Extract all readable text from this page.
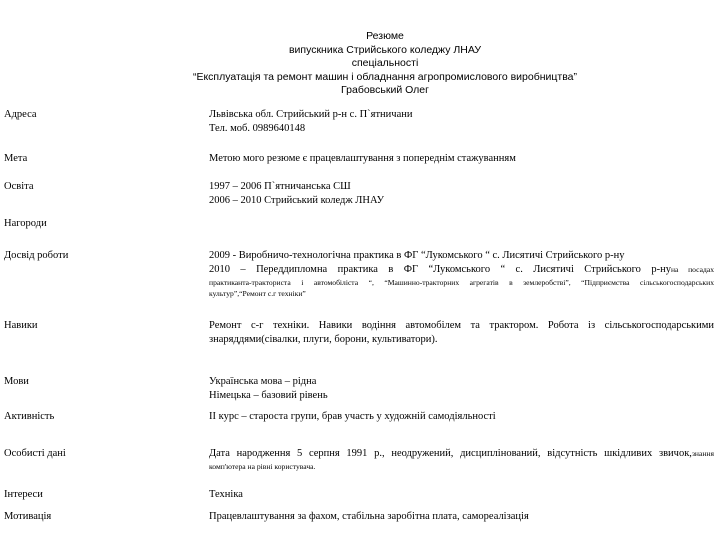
Резюме
випускника Стрийського коледжу ЛНАУ
спеціальності
“Експлуатація та ремонт машин і обладнання агропромислового виробництва”
Грабовський Олег
Адреса	Львівська обл. Стрийський р-н с. П`ятничани
Тел. моб. 0989640148
Мета	Метою мого резюме є працевлаштування з попереднім стажуванням
Освіта	1997 – 2006 П`ятничанська СШ
2006 – 2010 Стрийський коледж ЛНАУ
Нагороди
Досвід роботи	2009 - Виробничо-технологічна практика в ФГ “Лукомського “ с. Лисятичі Стрийського р-ну
2010 – Переддипломна практика в ФГ “Лукомського “ с. Лисятичі Стрийського р-нуна посадах
практиканта-тракториста і автомобіліста “, “Машинно-тракторних агрегатів в землеробстві”, “Підприємства сільськогосподарських
культур”,“Ремонт с.г техніки”
Навики	Ремонт с-г техніки. Навики водіння автомобілем та трактором. Робота із сільськогосподарськими
знаряддями(сівалки, плуги, борони, культиватори).
Мови	Українська мова – рідна
Німецька – базовий рівень
Активність	ІІ курс – староста групи, брав участь у художній самодіяльності
Особисті дані	Дата народження 5 серпня 1991 р., неодружений, дисциплінований, відсутність шкідливих звичок,знання
комп'ютера на рівні користувача.
Інтереси	Техніка
Мотивація	Працевлаштування за фахом, стабільна заробітна плата, самореалізація
